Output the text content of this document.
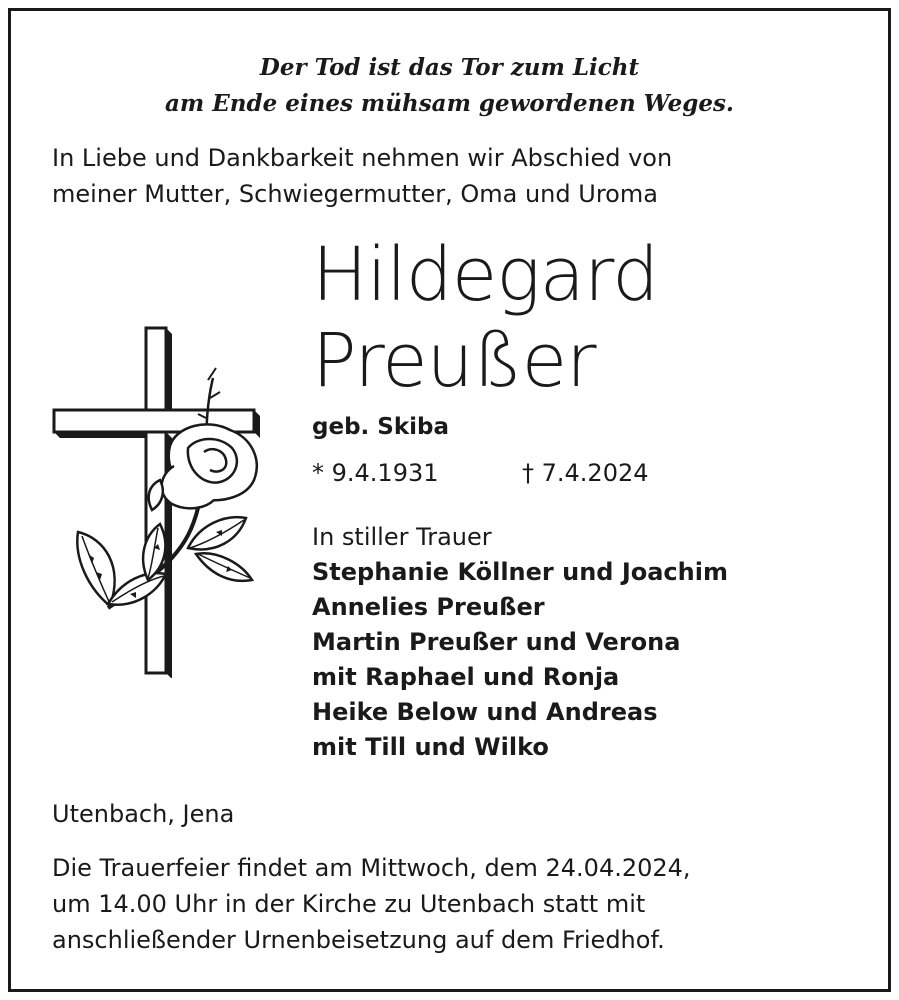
Der Tod ist das Tor zum Licht
am Ende eines mühsam gewordenen Weges.
In Liebe und Dankbarkeit nehmen wir Abschied von
meiner Mutter, Schwiegermutter, Oma und Uroma
Hildegard
Preußer
geb. Skiba
* 9.4.1931	† 7.4.2024
In stiller Trauer
Stephanie Köllner und Joachim
Annelies Preußer
Martin Preußer und Verona
mit Raphael und Ronja
Heike Below und Andreas
mit Till und Wilko
Utenbach, Jena
Die Trauerfeier findet am Mittwoch, dem 24.04.2024,
um 14.00 Uhr in der Kirche zu Utenbach statt mit
anschließender Urnenbeisetzung auf dem Friedhof.
